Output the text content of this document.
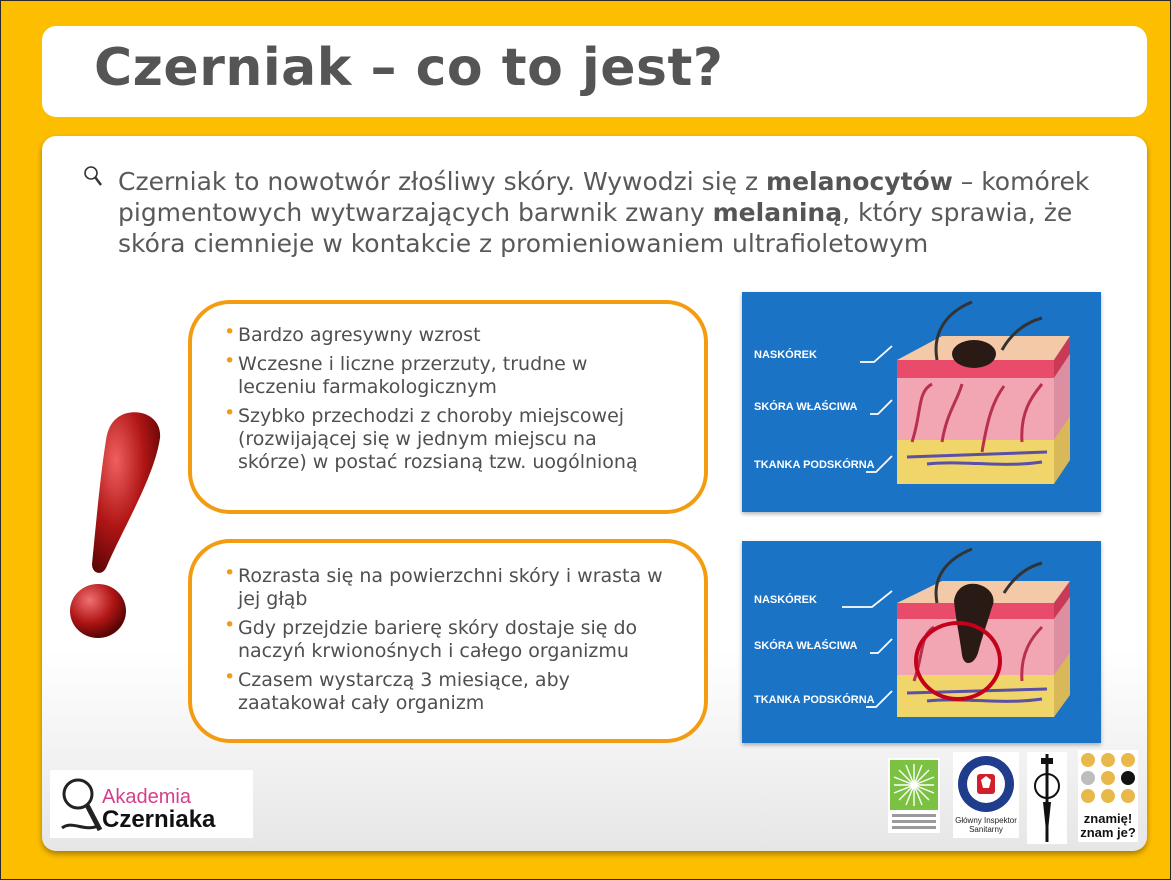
Czerniak – co to jest?

Czerniak to nowotwór złośliwy skóry. Wywodzi się z melanocytów – komórek pigmentowych wytwarzających barwnik zwany melaniną, który sprawia, że skóra ciemnieje w kontakcie z promieniowaniem ultrafioletowym

• Bardzo agresywny wzrost
• Wczesne i liczne przerzuty, trudne w leczeniu farmakologicznym
• Szybko przechodzi z choroby miejscowej (rozwijającej się w jednym miejscu na skórze) w postać rozsianą tzw. uogólnioną
• Rozrasta się na powierzchni skóry i wrasta w jej głąb
• Gdy przejdzie barierę skóry dostaje się do naczyń krwionośnych i całego organizmu
• Czasem wystarczą 3 miesiące, aby zaatakował cały organizm
NASKÓREK
SKÓRA WŁAŚCIWA
TKANKA PODSKÓRNA
NASKÓREK
SKÓRA WŁAŚCIWA
TKANKA PODSKÓRNA
Akademia
Czerniaka	Główny Inspektor
Sanitarny
znamię!
znam je?
